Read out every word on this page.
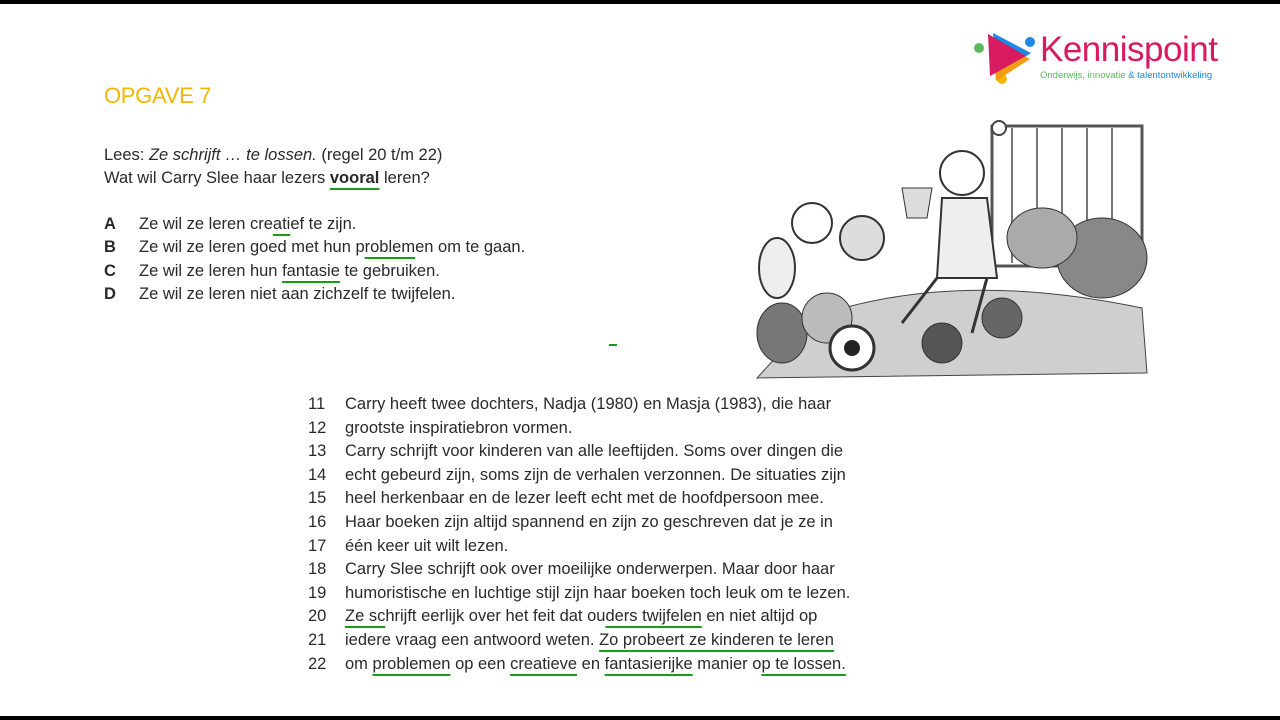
Kennispoint
Onderwijs, innovatie & talentontwikkeling
OPGAVE 7
Lees: Ze schrijft … te lossen. (regel 20 t/m 22)
Wat wil Carry Slee haar lezers vooral leren?
A	Ze wil ze leren creatief te zijn.
B	Ze wil ze leren goed met hun problemen om te gaan.
C	Ze wil ze leren hun fantasie te gebruiken.
D	Ze wil ze leren niet aan zichzelf te twijfelen.
11	Carry heeft twee dochters, Nadja (1980) en Masja (1983), die haar
12	grootste inspiratiebron vormen.
13	Carry schrijft voor kinderen van alle leeftijden. Soms over dingen die
14	echt gebeurd zijn, soms zijn de verhalen verzonnen. De situaties zijn
15	heel herkenbaar en de lezer leeft echt met de hoofdpersoon mee.
16	Haar boeken zijn altijd spannend en zijn zo geschreven dat je ze in
17	één keer uit wilt lezen.
18	Carry Slee schrijft ook over moeilijke onderwerpen. Maar door haar
19	humoristische en luchtige stijl zijn haar boeken toch leuk om te lezen.
20	Ze schrijft eerlijk over het feit dat ouders twijfelen en niet altijd op
21	iedere vraag een antwoord weten. Zo probeert ze kinderen te leren
22	om problemen op een creatieve en fantasierijke manier op te lossen.
